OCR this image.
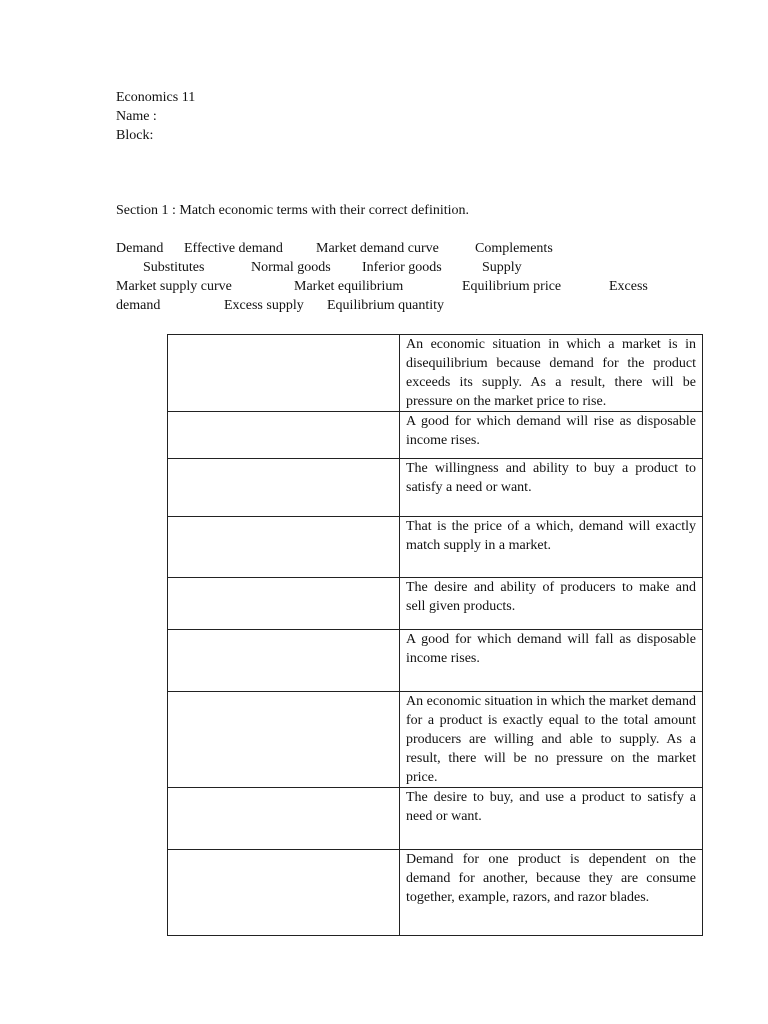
Economics 11
Name :
Block:
Section 1 : Match economic terms with their correct definition.
Demand Effective demand Market demand curve	Complements
Substitutes	Normal goods Inferior goods	Supply
Market supply curve	Market equilibrium	Equilibrium price	Excess
demand	Excess supply Equilibrium quantity
	An economic situation in which a market is in disequilibrium because demand for the product exceeds its supply. As a result, there will be pressure on the market price to rise.
	A good for which demand will rise as disposable income rises.
	The willingness and ability to buy a product to satisfy a need or want.
	That is the price of a which, demand will exactly match supply in a market.
	The desire and ability of producers to make and sell given products.
	A good for which demand will fall as disposable income rises.
	An economic situation in which the market demand for a product is exactly equal to the total amount producers are willing and able to supply. As a result, there will be no pressure on the market price.
	The desire to buy, and use a product to satisfy a need or want.
	Demand for one product is dependent on the demand for another, because they are consume together, example, razors, and razor blades.
